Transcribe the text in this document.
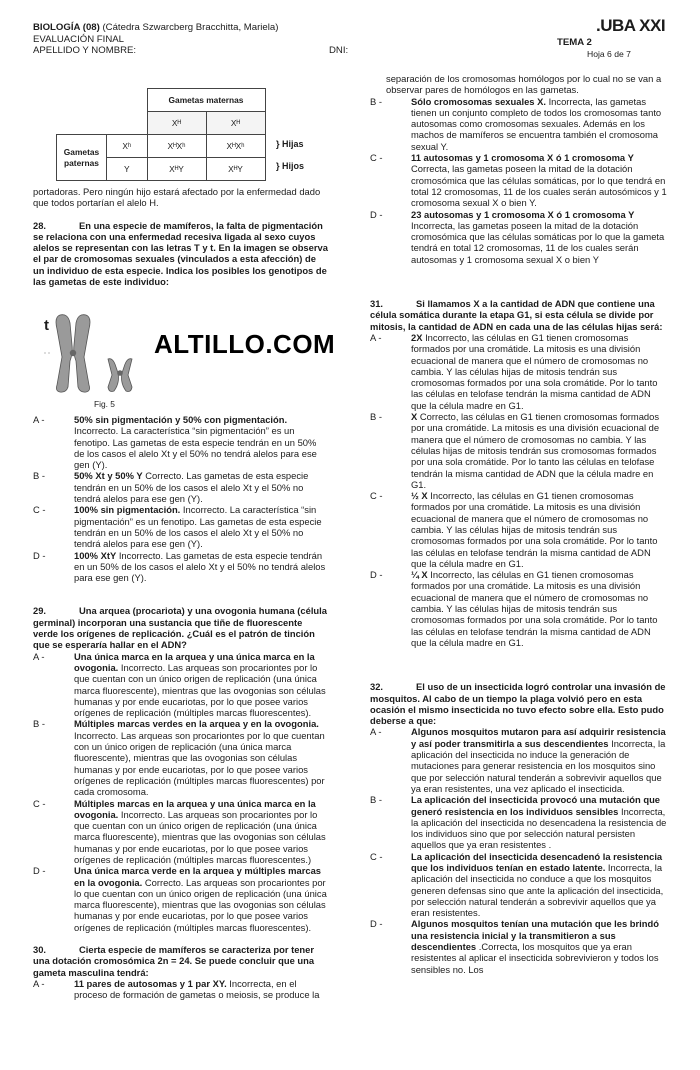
BIOLOGÍA (08) (Cátedra Szwarcberg Bracchitta, Mariela)
EVALUACIÓN FINAL
APELLIDO Y NOMBRE:	DNI:
.UBA XXI
TEMA 2
Hoja 6 de 7
		Gametas maternas	
		Xᴴ	Xᴴ
Gametas paternas	Xʰ	XᴴXʰ	XᴴXʰ
	Y	XᴴY	XᴴY
} Hijas
} Hijos

portadoras. Pero ningún hijo estará afectado por la enfermedad dado que todos portarían el alelo H.

28.	En una especie de mamíferos, la falta de pigmentación se relaciona con una enfermedad recesiva ligada al sexo cuyos alelos se representan con las letras T y t. En la imagen se observa el par de cromosomas sexuales (vinculados a esta afección) de un individuo de esta especie. Indica los posibles los genotipos de las gametas de este individuo:

t
Fig. 5
ALTILLO.COM
A -	50% sin pigmentación y 50% con pigmentación. Incorrecto. La característica “sin pigmentación” es un fenotipo. Las gametas de esta especie tendrán en un 50% de los casos el alelo Xt y el 50% no tendrá alelos para ese gen (Y).
B -	50% Xt y 50% Y Correcto. Las gametas de esta especie tendrán en un 50% de los casos el alelo Xt y el 50% no tendrá alelos para ese gen (Y).
C -	100% sin pigmentación. Incorrecto. La característica “sin pigmentación” es un fenotipo. Las gametas de esta especie tendrán en un 50% de los casos el alelo Xt y el 50% no tendrá alelos para ese gen (Y).
D -	100% XtY Incorrecto. Las gametas de esta especie tendrán en un 50% de los casos el alelo Xt y el 50% no tendrá alelos para ese gen (Y).

29.	Una arquea (procariota) y una ovogonia humana (célula germinal) incorporan una sustancia que tiñe de fluorescente verde los orígenes de replicación. ¿Cuál es el patrón de tinción que se esperaría hallar en el ADN?

A -	Una única marca en la arquea y una única marca en la ovogonia. Incorrecto. Las arqueas son procariontes por lo que cuentan con un único origen de replicación (una única marca fluorescente), mientras que las ovogonias son células humanas y por ende eucariotas, por lo que posee varios orígenes de replicación (múltiples marcas fluorescentes).
B -	Múltiples marcas verdes en la arquea y en la ovogonia. Incorrecto. Las arqueas son procariontes por lo que cuentan con un único origen de replicación (una única marca fluorescente), mientras que las ovogonias son células humanas y por ende eucariotas, por lo que posee varios orígenes de replicación (múltiples marcas fluorescentes) por cada cromosoma.
C -	Múltiples marcas en la arquea y una única marca en la ovogonia. Incorrecto. Las arqueas son procariontes por lo que cuentan con un único origen de replicación (una única marca fluorescente), mientras que las ovogonias son células humanas y por ende eucariotas, por lo que posee varios orígenes de replicación (múltiples marcas fluorescentes.)
D -	Una única marca verde en la arquea y múltiples marcas en la ovogonia. Correcto. Las arqueas son procariontes por lo que cuentan con un único origen de replicación (una única marca fluorescente), mientras que las ovogonias son células humanas y por ende eucariotas, por lo que posee varios orígenes de replicación (múltiples marcas fluorescentes).

30.	Cierta especie de mamíferos se caracteriza por tener una dotación cromosómica 2n = 24. Se puede concluir que una gameta masculina tendrá:

A -	11 pares de autosomas y 1 par XY. Incorrecta, en el proceso de formación de gametas o meiosis, se produce la

separación de los cromosomas homólogos por lo cual no se van a observar pares de homólogos en las gametas.

B -	Sólo cromosomas sexuales X. Incorrecta, las gametas tienen un conjunto completo de todos los cromosomas tanto autosomas como cromosomas sexuales. Además en los machos de mamíferos se encuentra también el cromosoma sexual Y.
C -	11 autosomas y 1 cromosoma X ó 1 cromosoma Y Correcta, las gametas poseen la mitad de la dotación cromosómica que las células somáticas, por lo que tendrá en total 12 cromosomas, 11 de los cuales serán autosómicos y 1 cromosoma sexual X o bien Y.
D -	23 autosomas y 1 cromosoma X ó 1 cromosoma Y Incorrecta, las gametas poseen la mitad de la dotación cromosómica que las células somáticas por lo que la gameta tendrá en total 12 cromosomas, 11 de los cuales serán autosomas y 1 cromosoma sexual X o bien Y

31.	Si llamamos X a la cantidad de ADN que contiene una célula somática durante la etapa G1, si esta célula se divide por mitosis, la cantidad de ADN en cada una de las células hijas será:

A -	2X Incorrecto, las células en G1 tienen cromosomas formados por una cromátide. La mitosis es una división ecuacional de manera que el número de cromosomas no cambia. Y las células hijas de mitosis tendrán sus cromosomas formados por una sola cromátide. Por lo tanto las células en telofase tendrán la misma cantidad de ADN que la célula madre en G1.
B -	X Correcto, las células en G1 tienen cromosomas formados por una cromátide. La mitosis es una división ecuacional de manera que el número de cromosomas no cambia. Y las células hijas de mitosis tendrán sus cromosomas formados por una sola cromátide. Por lo tanto las células en telofase tendrán la misma cantidad de ADN que la célula madre en G1.
C -	½ X Incorrecto, las células en G1 tienen cromosomas formados por una cromátide. La mitosis es una división ecuacional de manera que el número de cromosomas no cambia. Y las células hijas de mitosis tendrán sus cromosomas formados por una sola cromátide. Por lo tanto las células en telofase tendrán la misma cantidad de ADN que la célula madre en G1.
D -	¼ X Incorrecto, las células en G1 tienen cromosomas formados por una cromátide. La mitosis es una división ecuacional de manera que el número de cromosomas no cambia. Y las células hijas de mitosis tendrán sus cromosomas formados por una sola cromátide. Por lo tanto las células en telofase tendrán la misma cantidad de ADN que la célula madre en G1.

32.	El uso de un insecticida logró controlar una invasión de mosquitos. Al cabo de un tiempo la plaga volvió pero en esta ocasión el mismo insecticida no tuvo efecto sobre ella. Esto pudo deberse a que:

A -	Algunos mosquitos mutaron para así adquirir resistencia y así poder transmitirla a sus descendientes Incorrecta, la aplicación del insecticida no induce la generación de mutaciones para generar resistencia en los mosquitos sino que por selección natural tenderán a sobrevivir aquellos que ya eran resistentes, una vez aplicado el insecticida.
B -	La aplicación del insecticida provocó una mutación que generó resistencia en los individuos sensibles Incorrecta, la aplicación del insecticida no desencadena la resistencia de los individuos sino que por selección natural persisten aquellos que ya eran resistentes .
C -	La aplicación del insecticida desencadenó la resistencia que los individuos tenían en estado latente. Incorrecta, la aplicación del insecticida no conduce a que los mosquitos generen defensas sino que ante la aplicación del insecticida, por selección natural tenderán a sobrevivir aquellos que ya eran resistentes.
D -	Algunos mosquitos tenían una mutación que les brindó una resistencia inicial y la transmitieron a sus descendientes .Correcta, los mosquitos que ya eran resistentes al aplicar el insecticida sobrevivieron y todos los sensibles no. Los
